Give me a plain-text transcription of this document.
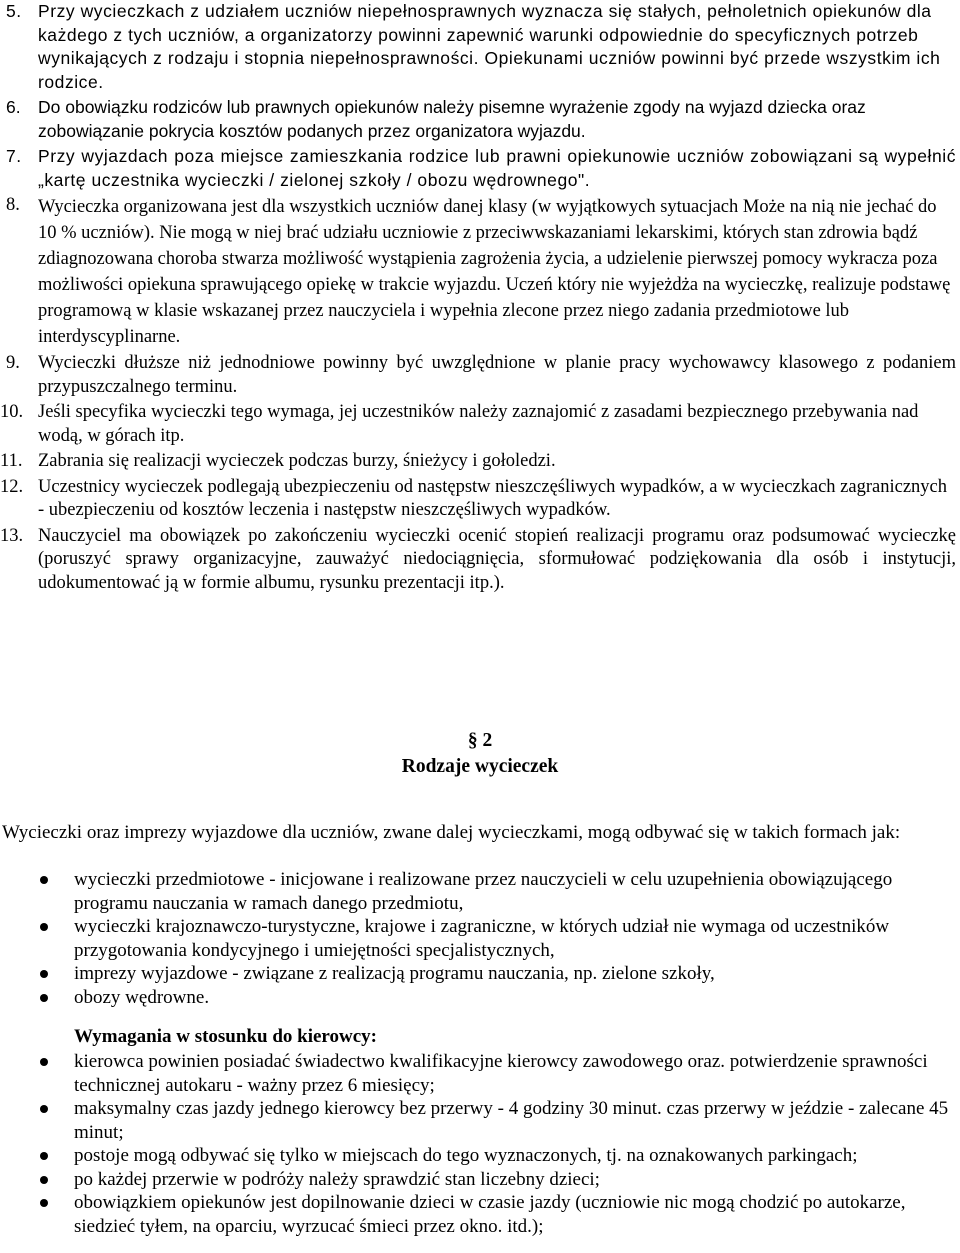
5. Przy wycieczkach z udziałem uczniów niepełnosprawnych wyznacza się stałych, pełnoletnich opiekunów dla każdego z tych uczniów, a organizatorzy powinni zapewnić warunki odpowiednie do specyficznych potrzeb wynikających z rodzaju i stopnia niepełnosprawności. Opiekunami uczniów powinni być przede wszystkim ich rodzice.
6. Do obowiązku rodziców lub prawnych opiekunów należy pisemne wyrażenie zgody na wyjazd dziecka oraz zobowiązanie pokrycia kosztów podanych przez organizatora wyjazdu.
7. Przy wyjazdach poza miejsce zamieszkania rodzice lub prawni opiekunowie uczniów zobowiązani są wypełnić „kartę uczestnika wycieczki / zielonej szkoły / obozu wędrownego".
8. Wycieczka organizowana jest dla wszystkich uczniów danej klasy (w wyjątkowych sytuacjach Może na nią nie jechać do 10 % uczniów). Nie mogą w niej brać udziału uczniowie z przeciwwskazaniami lekarskimi, których stan zdrowia bądź zdiagnozowana choroba stwarza możliwość wystąpienia zagrożenia życia, a udzielenie pierwszej pomocy wykracza poza możliwości opiekuna sprawującego opiekę w trakcie wyjazdu. Uczeń który nie wyjeżdża na wycieczkę, realizuje podstawę programową w klasie wskazanej przez nauczyciela i wypełnia zlecone przez niego zadania przedmiotowe lub interdyscyplinarne.
9. Wycieczki dłuższe niż jednodniowe powinny być uwzględnione w planie pracy wychowawcy klasowego z podaniem przypuszczalnego terminu.
10. Jeśli specyfika wycieczki tego wymaga, jej uczestników należy zaznajomić z zasadami bezpiecznego przebywania nad wodą, w górach itp.
11. Zabrania się realizacji wycieczek podczas burzy, śnieżycy i gołoledzi.
12. Uczestnicy wycieczek podlegają ubezpieczeniu od następstw nieszczęśliwych wypadków, a w wycieczkach zagranicznych - ubezpieczeniu od kosztów leczenia i następstw nieszczęśliwych wypadków.
13. Nauczyciel ma obowiązek po zakończeniu wycieczki ocenić stopień realizacji programu oraz podsumować wycieczkę (poruszyć sprawy organizacyjne, zauważyć niedociągnięcia, sformułować podziękowania dla osób i instytucji, udokumentować ją w formie albumu, rysunku prezentacji itp.).
§ 2
Rodzaje wycieczek
Wycieczki oraz imprezy wyjazdowe dla uczniów, zwane dalej wycieczkami, mogą odbywać się w takich formach jak:
wycieczki przedmiotowe - inicjowane i realizowane przez nauczycieli w celu uzupełnienia obowiązującego programu nauczania w ramach danego przedmiotu,
wycieczki krajoznawczo-turystyczne, krajowe i zagraniczne, w których udział nie wymaga od uczestników przygotowania kondycyjnego i umiejętności specjalistycznych,
imprezy wyjazdowe - związane z realizacją programu nauczania, np. zielone szkoły,
obozy wędrowne.
Wymagania w stosunku do kierowcy:
kierowca powinien posiadać świadectwo kwalifikacyjne kierowcy zawodowego oraz. potwierdzenie sprawności technicznej autokaru - ważny przez 6 miesięcy;
maksymalny czas jazdy jednego kierowcy bez przerwy - 4 godziny 30 minut. czas przerwy w jeździe - zalecane 45 minut;
postoje mogą odbywać się tylko w miejscach do tego wyznaczonych, tj. na oznakowanych parkingach;
po każdej przerwie w podróży należy sprawdzić stan liczebny dzieci;
obowiązkiem opiekunów jest dopilnowanie dzieci w czasie jazdy (uczniowie nic mogą chodzić po autokarze, siedzieć tyłem, na oparciu, wyrzucać śmieci przez okno. itd.);
